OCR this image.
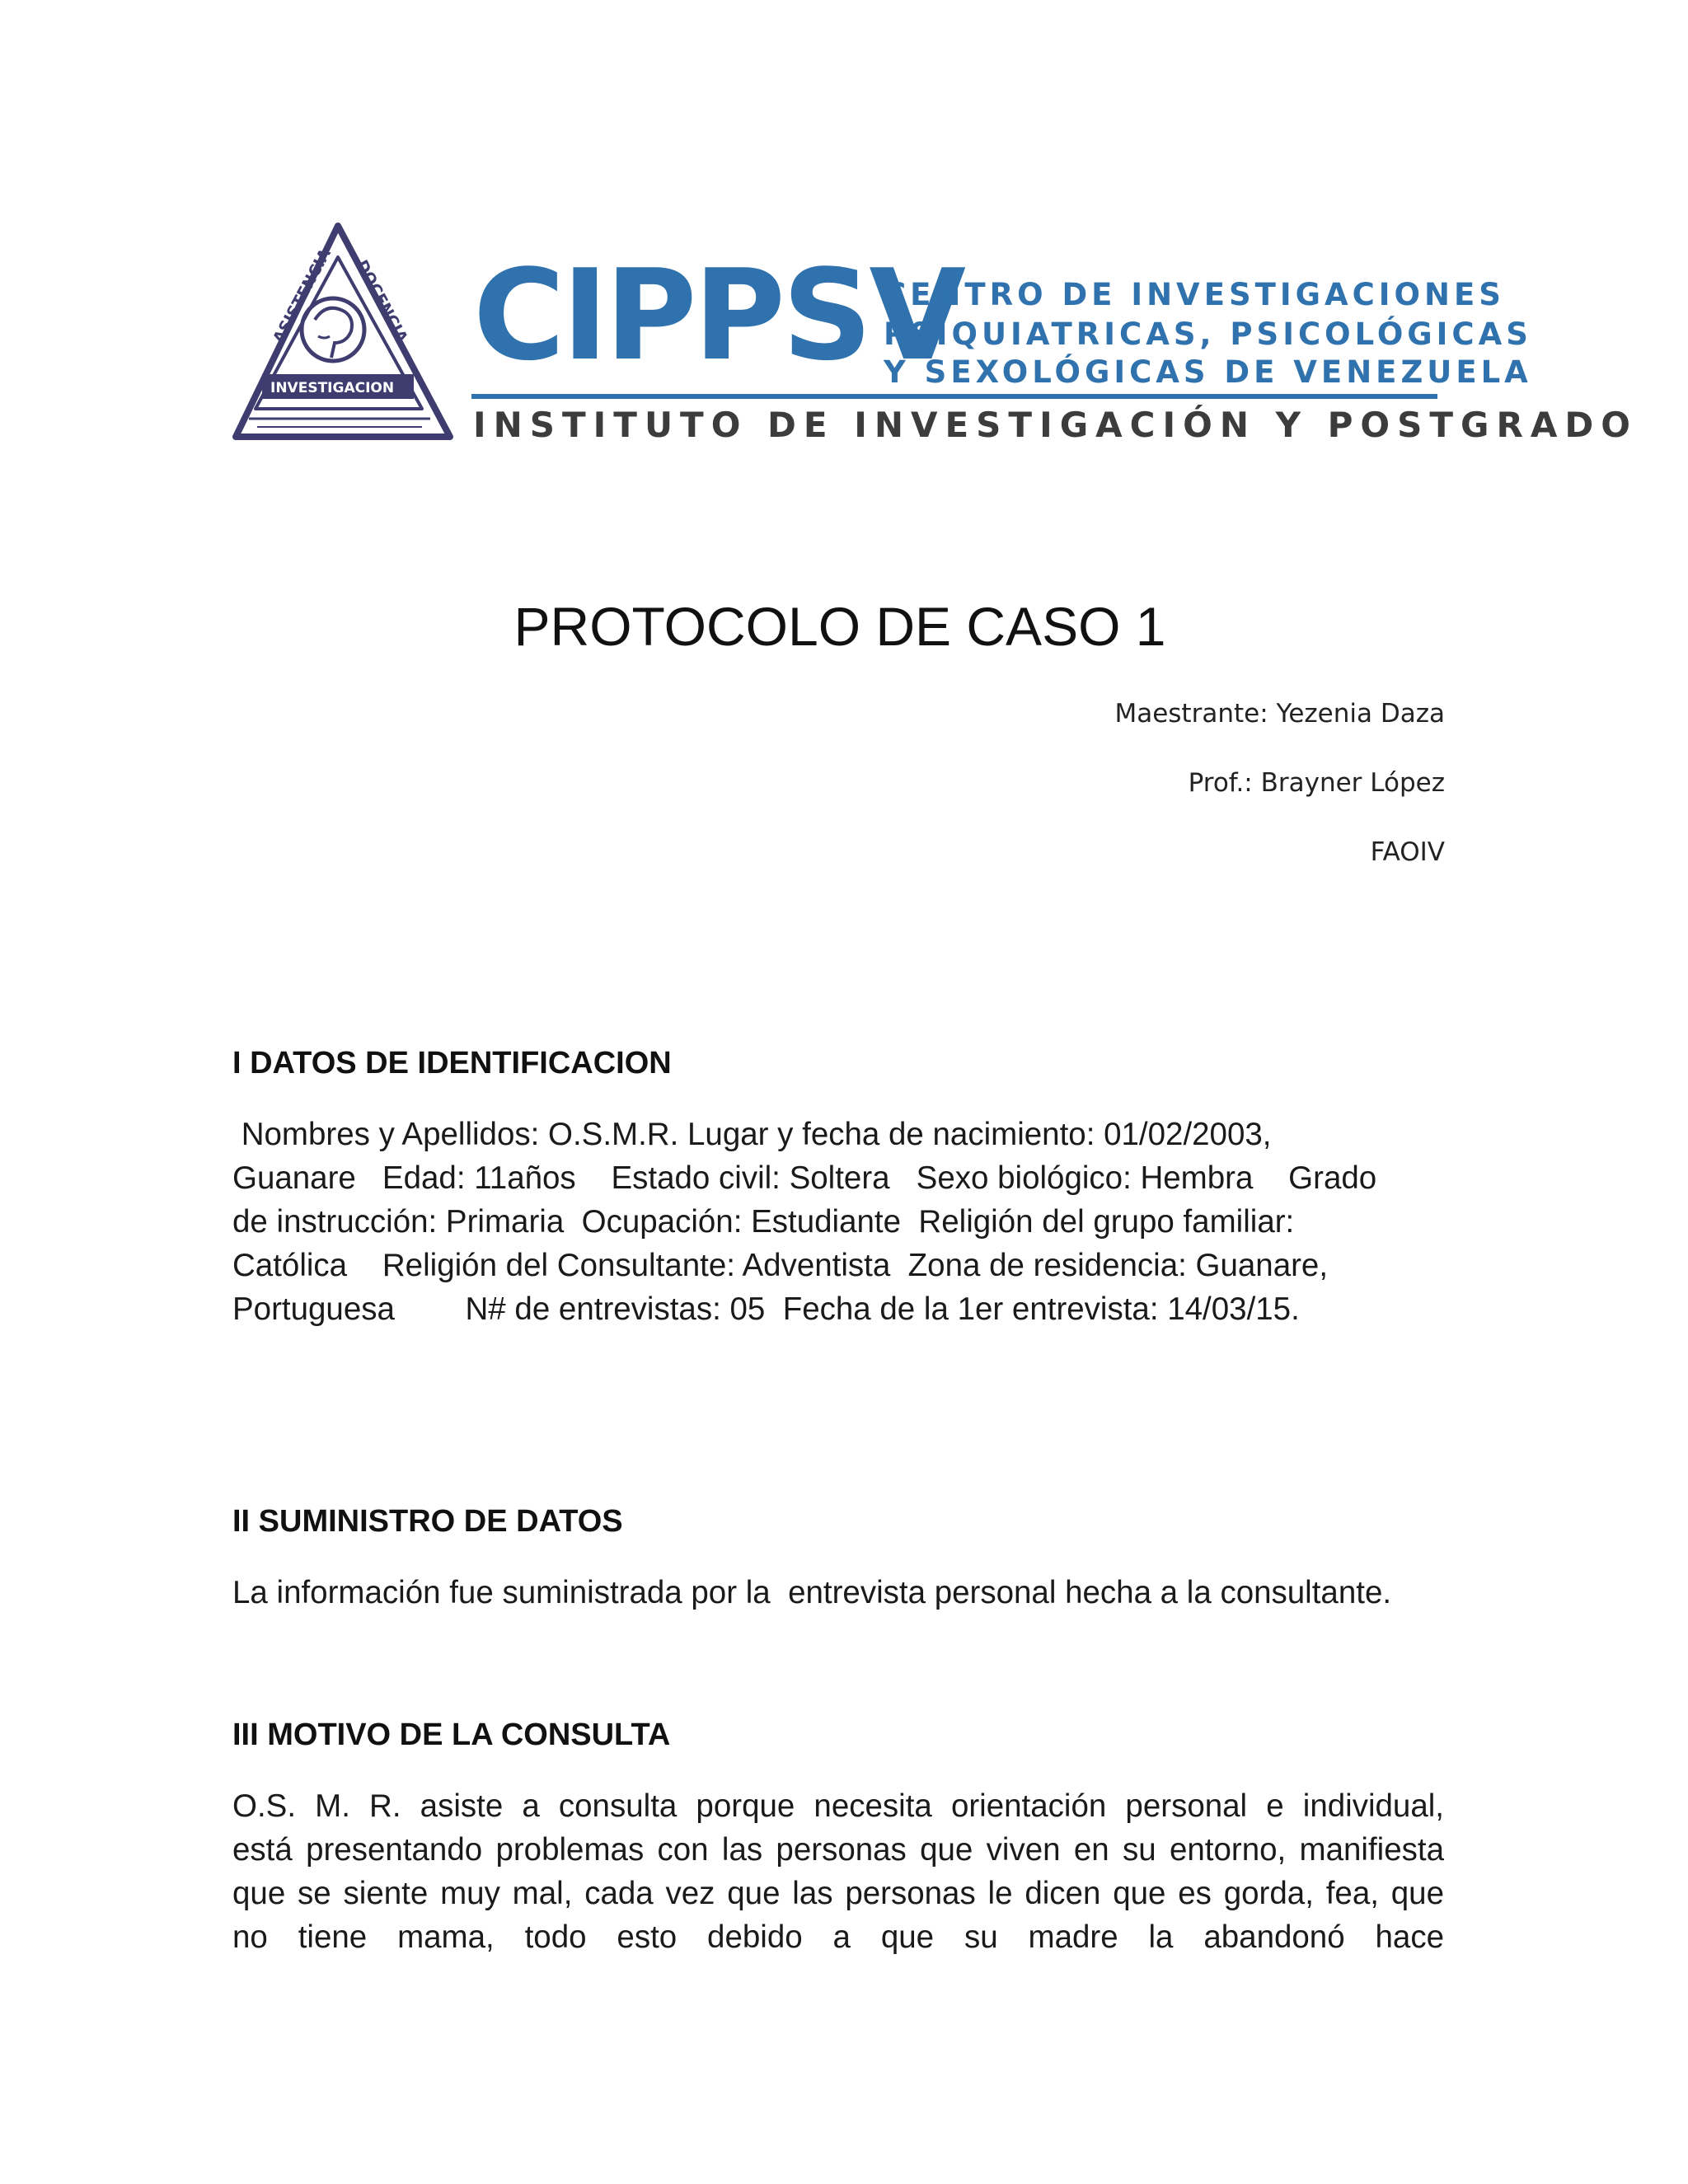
ASISTENCIA DOCENCIA
INVESTIGACION CIPPSV
CENTRO DE INVESTIGACIONES
PSIQUIATRICAS, PSICOLÓGICAS
Y SEXOLÓGICAS DE VENEZUELA
INSTITUTO DE INVESTIGACIÓN Y POSTGRADO
PROTOCOLO DE CASO 1
Maestrante: Yezenia Daza
Prof.: Brayner López
FAOIV
I DATOS DE IDENTIFICACION
Nombres y Apellidos: O.S.M.R. Lugar y fecha de nacimiento: 01/02/2003,
Guanare   Edad: 11años    Estado civil: Soltera   Sexo biológico: Hembra    Grado
de instrucción: Primaria  Ocupación: Estudiante  Religión del grupo familiar:
Católica    Religión del Consultante: Adventista  Zona de residencia: Guanare,
Portuguesa        N# de entrevistas: 05  Fecha de la 1er entrevista: 14/03/15.
II SUMINISTRO DE DATOS
La información fue suministrada por la  entrevista personal hecha a la consultante.
III MOTIVO DE LA CONSULTA
O.S. M. R. asiste a consulta porque necesita orientación personal e individual,
está presentando problemas con las personas que viven en su entorno, manifiesta
que se siente muy mal, cada vez que las personas le dicen que es gorda, fea, que
no tiene mama, todo esto debido a que su madre la abandonó hace
